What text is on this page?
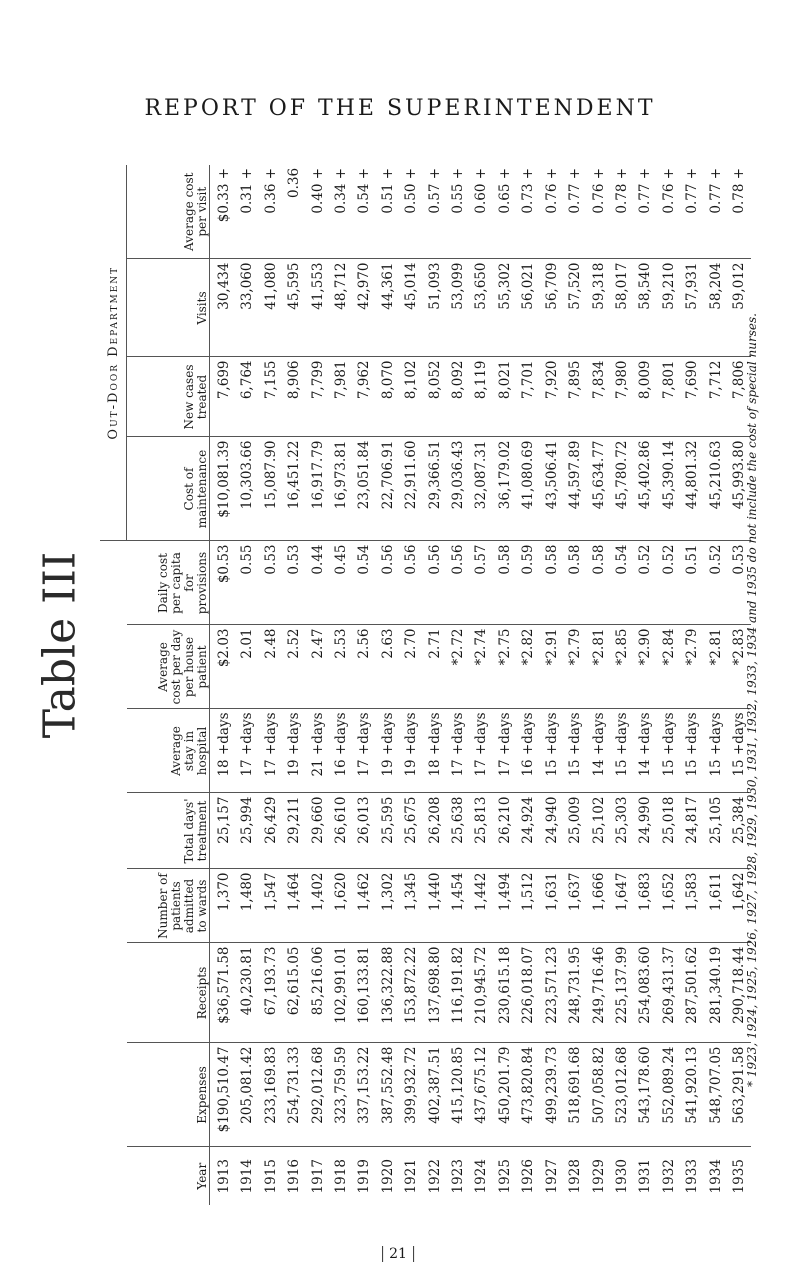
REPORT OF THE SUPERINTENDENT
Table III
								Out-Door Department			
Year	Expenses	Receipts	Number of patients admitted to wards	Total days' treatment	Average stay in hospital	Average cost per day per house patient	Daily cost per capita for provisions	Cost of maintenance	New cases treated	Visits	Average cost per visit
1913	$190,510.47	$36,571.58	1,370	25,157	18 +days	$2.03	$0.53	$10,081.39	7,699	30,434	$0.33 +
1914	205,081.42	40,230.81	1,480	25,994	17 +days	2.01	0.55	10,303.66	6,764	33,060	0.31 +
1915	233,169.83	67,193.73	1,547	26,429	17 +days	2.48	0.53	15,087.90	7,155	41,080	0.36 +
1916	254,731.33	62,615.05	1,464	29,211	19 +days	2.52	0.53	16,451.22	8,906	45,595	0.36
1917	292,012.68	85,216.06	1,402	29,660	21 +days	2.47	0.44	16,917.79	7,799	41,553	0.40 +
1918	323,759.59	102,991.01	1,620	26,610	16 +days	2.53	0.45	16,973.81	7,981	48,712	0.34 +
1919	337,153.22	160,133.81	1,462	26,013	17 +days	2.56	0.54	23,051.84	7,962	42,970	0.54 +
1920	387,552.48	136,322.88	1,302	25,595	19 +days	2.63	0.56	22,706.91	8,070	44,361	0.51 +
1921	399,932.72	153,872.22	1,345	25,675	19 +days	2.70	0.56	22,911.60	8,102	45,014	0.50 +
1922	402,387.51	137,698.80	1,440	26,208	18 +days	2.71	0.56	29,366.51	8,052	51,093	0.57 +
1923	415,120.85	116,191.82	1,454	25,638	17 +days	*2.72	0.56	29,036.43	8,092	53,099	0.55 +
1924	437,675.12	210,945.72	1,442	25,813	17 +days	*2.74	0.57	32,087.31	8,119	53,650	0.60 +
1925	450,201.79	230,615.18	1,494	26,210	17 +days	*2.75	0.58	36,179.02	8,021	55,302	0.65 +
1926	473,820.84	226,018.07	1,512	24,924	16 +days	*2.82	0.59	41,080.69	7,701	56,021	0.73 +
1927	499,239.73	223,571.23	1,631	24,940	15 +days	*2.91	0.58	43,506.41	7,920	56,709	0.76 +
1928	518,691.68	248,731.95	1,637	25,009	15 +days	*2.79	0.58	44,597.89	7,895	57,520	0.77 +
1929	507,058.82	249,716.46	1,666	25,102	14 +days	*2.81	0.58	45,634.77	7,834	59,318	0.76 +
1930	523,012.68	225,137.99	1,647	25,303	15 +days	*2.85	0.54	45,780.72	7,980	58,017	0.78 +
1931	543,178.60	254,083.60	1,683	24,990	14 +days	*2.90	0.52	45,402.86	8,009	58,540	0.77 +
1932	552,089.24	269,431.37	1,652	25,018	15 +days	*2.84	0.52	45,390.14	7,801	59,210	0.76 +
1933	541,920.13	287,501.62	1,583	24,817	15 +days	*2.79	0.51	44,801.32	7,690	57,931	0.77 +
1934	548,707.05	281,340.19	1,611	25,105	15 +days	*2.81	0.52	45,210.63	7,712	58,204	0.77 +
1935	563,291.58	290,718.44	1,642	25,384	15 +days	*2.83	0.53	45,993.80	7,806	59,012	0.78 +
* 1923, 1924, 1925, 1926, 1927, 1928, 1929, 1930, 1931, 1932, 1933, 1934 and 1935 do not include the cost of special nurses.
21
